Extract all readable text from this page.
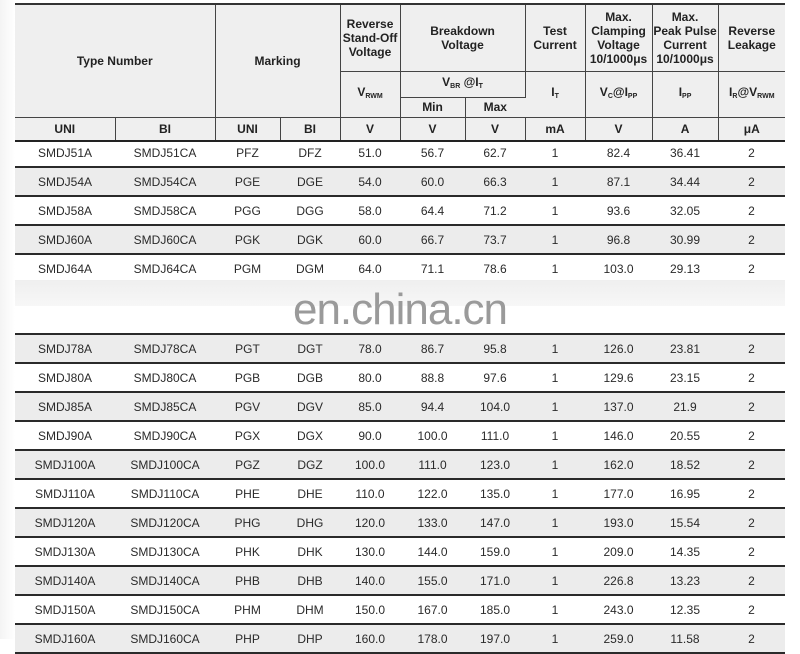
Type Number	Marking	
Reverse
Stand-Off
Voltage

Breakdown
Voltage

Test
Current

Max.
Clamping
Voltage
10/1000μs

Max.
Peak Pulse
Current
10/1000μs

Reverse
Leakage

				$V_{RWM}$	$V_{BR}$ $@I_T$		$I_T$	$V_C@I_{PP}$	$I_{PP}$	$I_R@V_{RWM}$
					Min	Max				
UNI	BI	UNI	BI	V	V	V	mA	V	A	μA
SMDJ51A	SMDJ51CA	PFZ	DFZ	51.0	56.7	62.7	1	82.4	36.41	2
SMDJ54A	SMDJ54CA	PGE	DGE	54.0	60.0	66.3	1	87.1	34.44	2
SMDJ58A	SMDJ58CA	PGG	DGG	58.0	64.4	71.2	1	93.6	32.05	2
SMDJ60A	SMDJ60CA	PGK	DGK	60.0	66.7	73.7	1	96.8	30.99	2
SMDJ64A	SMDJ64CA	PGM	DGM	64.0	71.1	78.6	1	103.0	29.13	2
en.china.cn
SMDJ78A	SMDJ78CA	PGT	DGT	78.0	86.7	95.8	1	126.0	23.81	2
SMDJ80A	SMDJ80CA	PGB	DGB	80.0	88.8	97.6	1	129.6	23.15	2
SMDJ85A	SMDJ85CA	PGV	DGV	85.0	94.4	104.0	1	137.0	21.9	2
SMDJ90A	SMDJ90CA	PGX	DGX	90.0	100.0	111.0	1	146.0	20.55	2
SMDJ100A	SMDJ100CA	PGZ	DGZ	100.0	111.0	123.0	1	162.0	18.52	2
SMDJ110A	SMDJ110CA	PHE	DHE	110.0	122.0	135.0	1	177.0	16.95	2
SMDJ120A	SMDJ120CA	PHG	DHG	120.0	133.0	147.0	1	193.0	15.54	2
SMDJ130A	SMDJ130CA	PHK	DHK	130.0	144.0	159.0	1	209.0	14.35	2
SMDJ140A	SMDJ140CA	PHB	DHB	140.0	155.0	171.0	1	226.8	13.23	2
SMDJ150A	SMDJ150CA	PHM	DHM	150.0	167.0	185.0	1	243.0	12.35	2
SMDJ160A	SMDJ160CA	PHP	DHP	160.0	178.0	197.0	1	259.0	11.58	2
